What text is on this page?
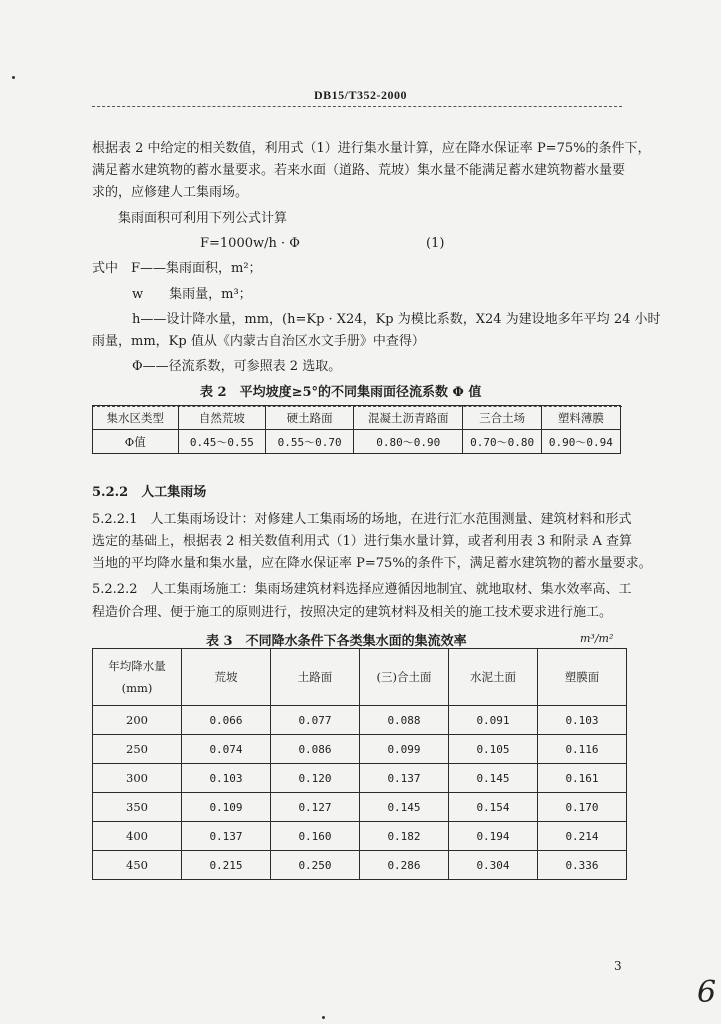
DB15/T352-2000
根据表 2 中给定的相关数值，利用式（1）进行集水量计算，应在降水保证率 P=75%的条件下，
满足蓄水建筑物的蓄水量要求。若来水面（道路、荒坡）集水量不能满足蓄水建筑物蓄水量要
求的，应修建人工集雨场。
集雨面积可利用下列公式计算
F=1000w/h · Φ	(1)
式中　F——集雨面积，m²；
w　　集雨量，m³；
h——设计降水量，mm，(h=Kp · X24，Kp 为模比系数，X24 为建设地多年平均 24 小时
雨量，mm，Kp 值从《内蒙古自治区水文手册》中查得）
Φ——径流系数，可参照表 2 选取。
表 2　平均坡度≥5°的不同集雨面径流系数 Φ 值
集水区类型	自然荒坡	硬土路面	混凝土沥青路面	三合土场	塑料薄膜
Φ值	0.45～0.55	0.55～0.70	0.80～0.90	0.70～0.80	0.90～0.94
5.2.2　人工集雨场
5.2.2.1　人工集雨场设计：对修建人工集雨场的场地，在进行汇水范围测量、建筑材料和形式
选定的基础上，根据表 2 相关数值利用式（1）进行集水量计算，或者利用表 3 和附录 A 查算
当地的平均降水量和集水量，应在降水保证率 P=75%的条件下，满足蓄水建筑物的蓄水量要求。
5.2.2.2　人工集雨场施工：集雨场建筑材料选择应遵循因地制宜、就地取材、集水效率高、工
程造价合理、便于施工的原则进行，按照决定的建筑材料及相关的施工技术要求进行施工。
表 3　不同降水条件下各类集水面的集流效率	m³/m²
年均降水量
(mm)	荒坡	土路面	(三)合土面	水泥土面	塑膜面
200	0.066	0.077	0.088	0.091	0.103
250	0.074	0.086	0.099	0.105	0.116
300	0.103	0.120	0.137	0.145	0.161
350	0.109	0.127	0.145	0.154	0.170
400	0.137	0.160	0.182	0.194	0.214
450	0.215	0.250	0.286	0.304	0.336
3
6
